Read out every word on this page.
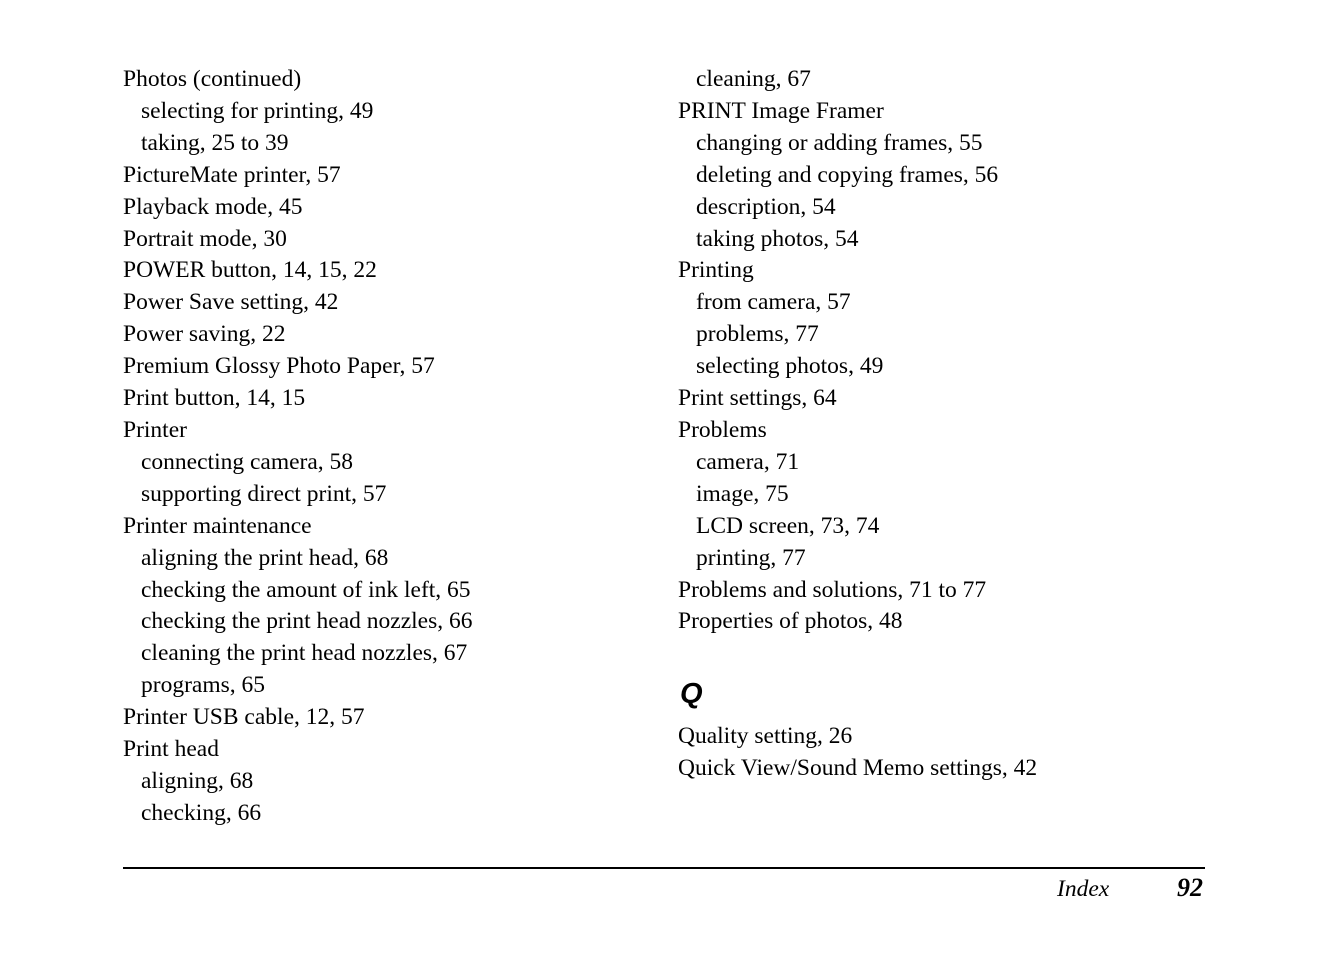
Photos (continued)
selecting for printing, 49
taking, 25 to 39
PictureMate printer, 57
Playback mode, 45
Portrait mode, 30
POWER button, 14, 15, 22
Power Save setting, 42
Power saving, 22
Premium Glossy Photo Paper, 57
Print button, 14, 15
Printer
connecting camera, 58
supporting direct print, 57
Printer maintenance
aligning the print head, 68
checking the amount of ink left, 65
checking the print head nozzles, 66
cleaning the print head nozzles, 67
programs, 65
Printer USB cable, 12, 57
Print head
aligning, 68
checking, 66
cleaning, 67
PRINT Image Framer
changing or adding frames, 55
deleting and copying frames, 56
description, 54
taking photos, 54
Printing
from camera, 57
problems, 77
selecting photos, 49
Print settings, 64
Problems
camera, 71
image, 75
LCD screen, 73, 74
printing, 77
Problems and solutions, 71 to 77
Properties of photos, 48
Q
Quality setting, 26
Quick View/Sound Memo settings, 42
Index	92
